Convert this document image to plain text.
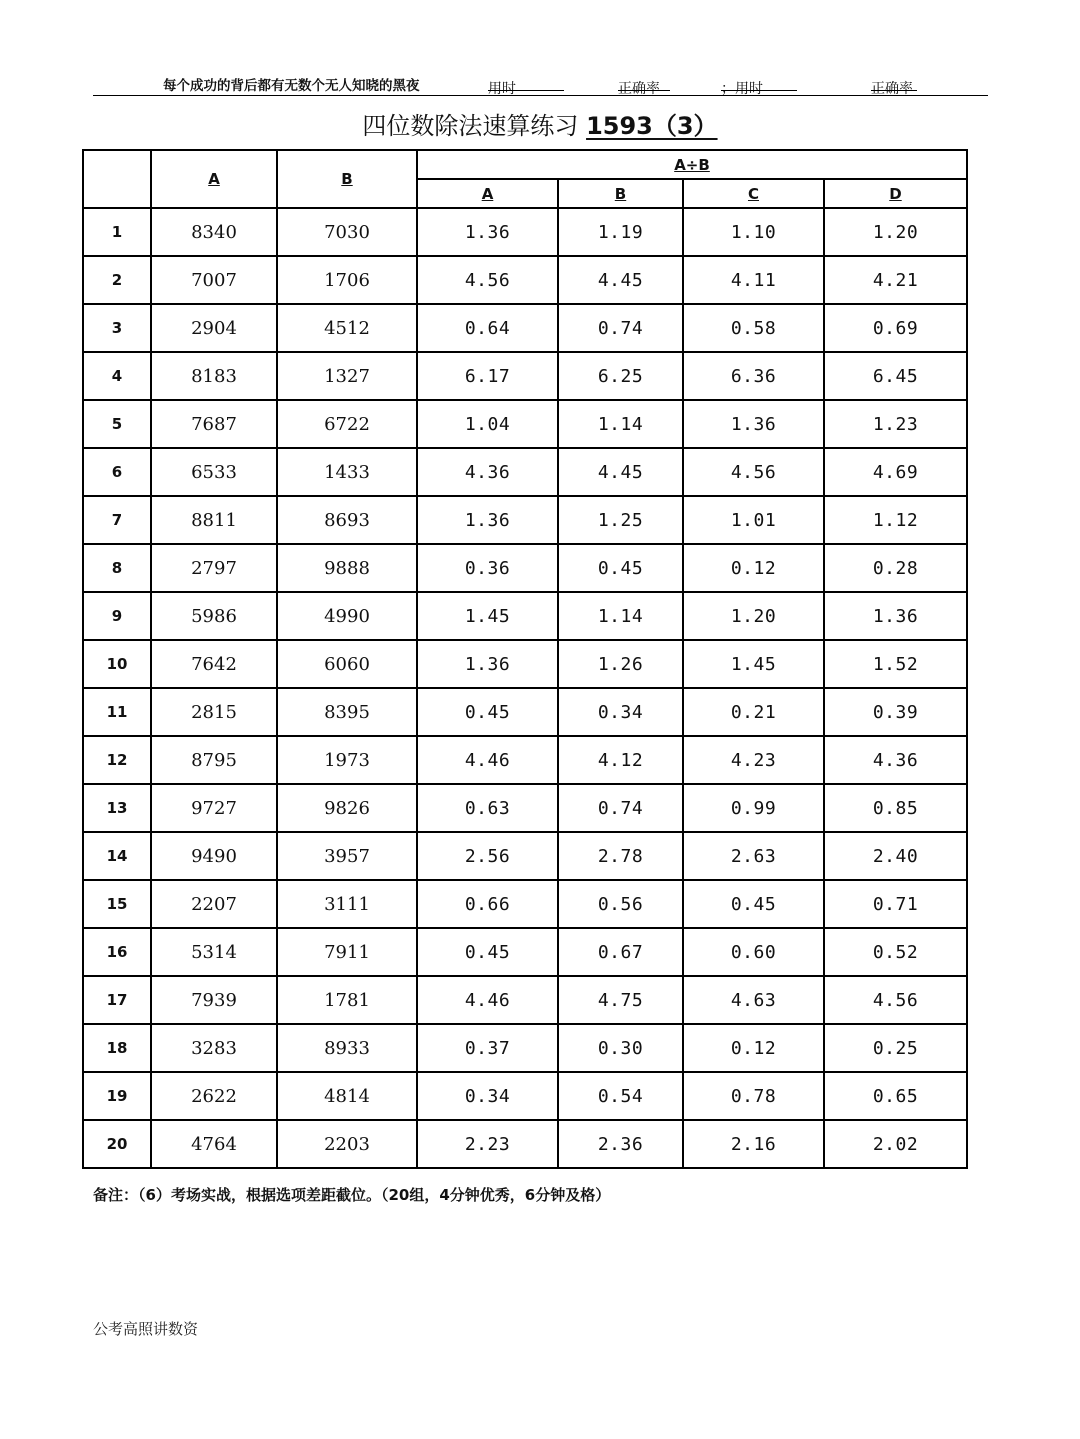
每个成功的背后都有无数个无人知晓的黑夜	用时	正确率	；用时	正确率
四位数除法速算练习 1593（3）
	A	B	A÷B			
			A	B	C	D
1	8340	7030	1.36	1.19	1.10	1.20
2	7007	1706	4.56	4.45	4.11	4.21
3	2904	4512	0.64	0.74	0.58	0.69
4	8183	1327	6.17	6.25	6.36	6.45
5	7687	6722	1.04	1.14	1.36	1.23
6	6533	1433	4.36	4.45	4.56	4.69
7	8811	8693	1.36	1.25	1.01	1.12
8	2797	9888	0.36	0.45	0.12	0.28
9	5986	4990	1.45	1.14	1.20	1.36
10	7642	6060	1.36	1.26	1.45	1.52
11	2815	8395	0.45	0.34	0.21	0.39
12	8795	1973	4.46	4.12	4.23	4.36
13	9727	9826	0.63	0.74	0.99	0.85
14	9490	3957	2.56	2.78	2.63	2.40
15	2207	3111	0.66	0.56	0.45	0.71
16	5314	7911	0.45	0.67	0.60	0.52
17	7939	1781	4.46	4.75	4.63	4.56
18	3283	8933	0.37	0.30	0.12	0.25
19	2622	4814	0.34	0.54	0.78	0.65
20	4764	2203	2.23	2.36	2.16	2.02
备注：（6）考场实战，根据选项差距截位。（20组，4分钟优秀，6分钟及格）
公考高照讲数资
